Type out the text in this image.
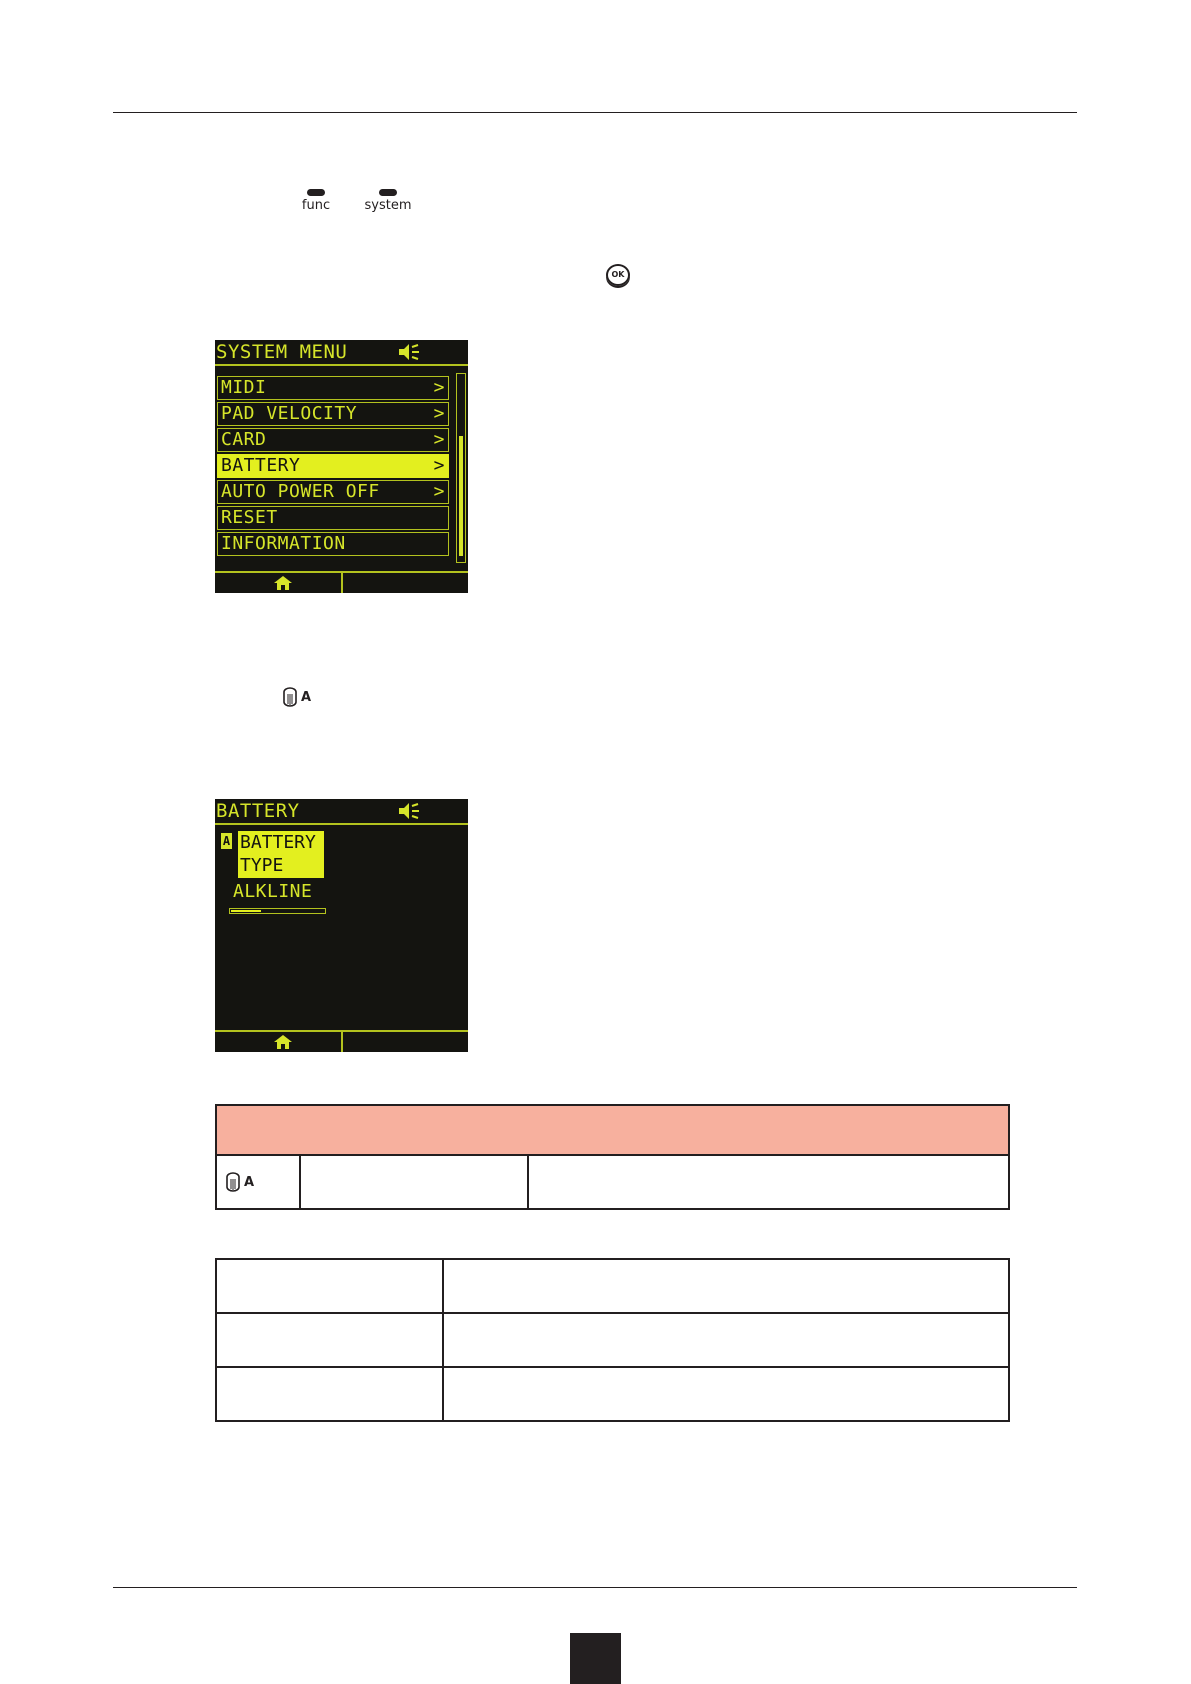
func	system
OK
SYSTEM MENU
MIDI	>
PAD VELOCITY	>
CARD	>
BATTERY	>
AUTO POWER OFF	>
RESET
INFORMATION
A
BATTERY
A BATTERY
TYPE
ALKLINE

A
